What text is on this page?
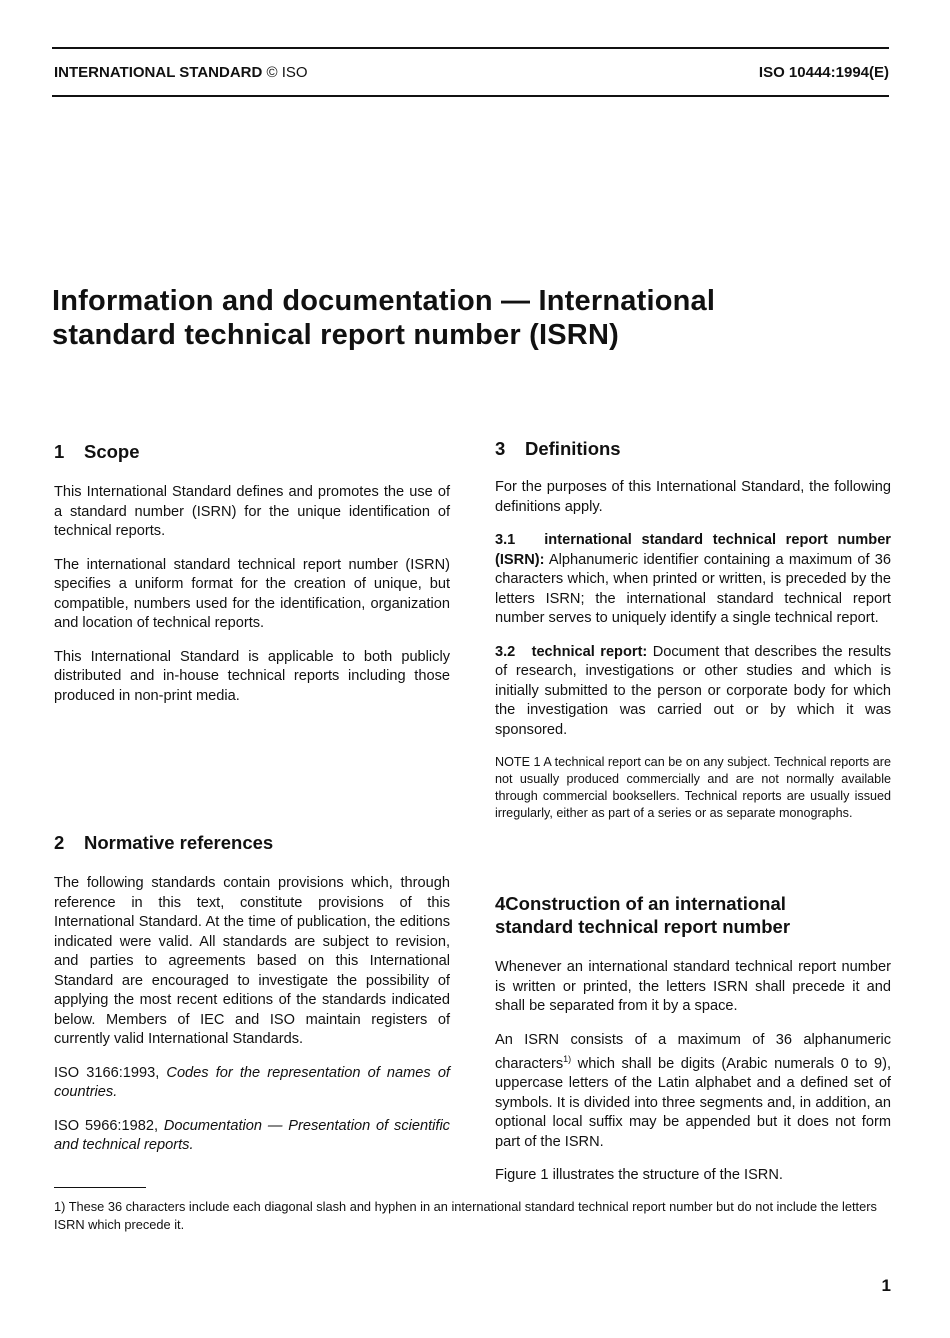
INTERNATIONAL STANDARD © ISO	ISO 10444:1994(E)
Information and documentation — International
standard technical report number (ISRN)
1 Scope

This International Standard defines and promotes the use of a standard number (ISRN) for the unique identification of technical reports.

The international standard technical report number (ISRN) specifies a uniform format for the creation of unique, but compatible, numbers used for the identification, organization and location of technical reports.

This International Standard is applicable to both publicly distributed and in-house technical reports including those produced in non-print media.

2 Normative references

The following standards contain provisions which, through reference in this text, constitute provisions of this International Standard. At the time of publication, the editions indicated were valid. All standards are subject to revision, and parties to agreements based on this International Standard are encouraged to investigate the possibility of applying the most recent editions of the standards indicated below. Members of IEC and ISO maintain registers of currently valid International Standards.

ISO 3166:1993, Codes for the representation of names of countries.

ISO 5966:1982, Documentation — Presentation of scientific and technical reports.

3 Definitions

For the purposes of this International Standard, the following definitions apply.

3.1 international standard technical report number (ISRN): Alphanumeric identifier containing a maximum of 36 characters which, when printed or written, is preceded by the letters ISRN; the international standard technical report number serves to uniquely identify a single technical report.

3.2 technical report: Document that describes the results of research, investigations or other studies and which is initially submitted to the person or corporate body for which the investigation was carried out or by which it was sponsored.

NOTE 1 A technical report can be on any subject. Technical reports are not usually produced commercially and are not normally available through commercial booksellers. Technical reports are usually issued irregularly, either as part of a series or as separate monographs.

4Construction of an international
standard technical report number

Whenever an international standard technical report number is written or printed, the letters ISRN shall precede it and shall be separated from it by a space.

An ISRN consists of a maximum of 36 alphanumeric characters$^{1)}$ which shall be digits (Arabic numerals 0 to 9), uppercase letters of the Latin alphabet and a defined set of symbols. It is divided into three segments and, in addition, an optional local suffix may be appended but it does not form part of the ISRN.

Figure 1 illustrates the structure of the ISRN.

1) These 36 characters include each diagonal slash and hyphen in an international standard technical report number but do not include the letters ISRN which precede it.
1
